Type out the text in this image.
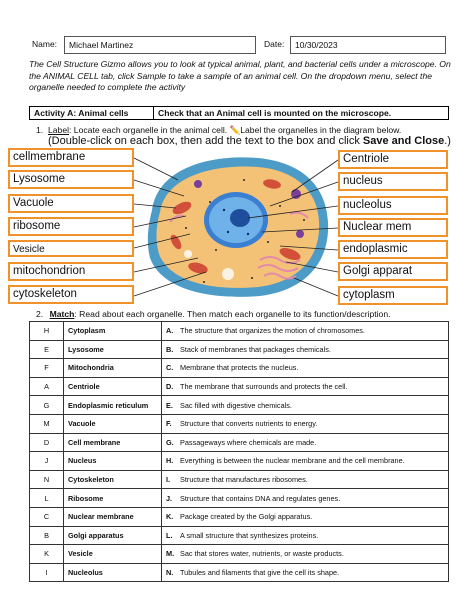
Name:	Michael Martinez	Date:	10/30/2023

The Cell Structure Gizmo allows you to look at typical animal, plant, and bacterial cells under a microscope. On the ANIMAL CELL tab, click Sample to take a sample of an animal cell. On the dropdown menu, select the organelle needed to complete the activity

Activity A: Animal cells	Check that an Animal cell is mounted on the microscope.
1. Label: Locate each organelle in the animal cell. ✏️Label the organelles in the diagram below.
(Double-click on each box, then add the text to the box and click Save and Close.)
cellmembrane
Lysosome
Vacuole
ribosome
Vesicle
mitochondrion
cytoskeleton
Centriole
nucleus
nucleolus
Nuclear mem
endoplasmic
Golgi apparat
cytoplasm
2. Match: Read about each organelle. Then match each organelle to its function/description.
H	Cytoplasm	A. The structure that organizes the motion of chromosomes.
E	Lysosome	B. Stack of membranes that packages chemicals.
F	Mitochondria	C. Membrane that protects the nucleus.
A	Centriole	D. The membrane that surrounds and protects the cell.
G	Endoplasmic reticulum	E. Sac filled with digestive chemicals.
M	Vacuole	F. Structure that converts nutrients to energy.
D	Cell membrane	G. Passageways where chemicals are made.
J	Nucleus	H. Everything is between the nuclear membrane and the cell membrane.
N	Cytoskeleton	I. Structure that manufactures ribosomes.
L	Ribosome	J. Structure that contains DNA and regulates genes.
C	Nuclear membrane	K. Package created by the Golgi apparatus.
B	Golgi apparatus	L. A small structure that synthesizes proteins.
K	Vesicle	M. Sac that stores water, nutrients, or waste products.
I	Nucleolus	N. Tubules and filaments that give the cell its shape.
